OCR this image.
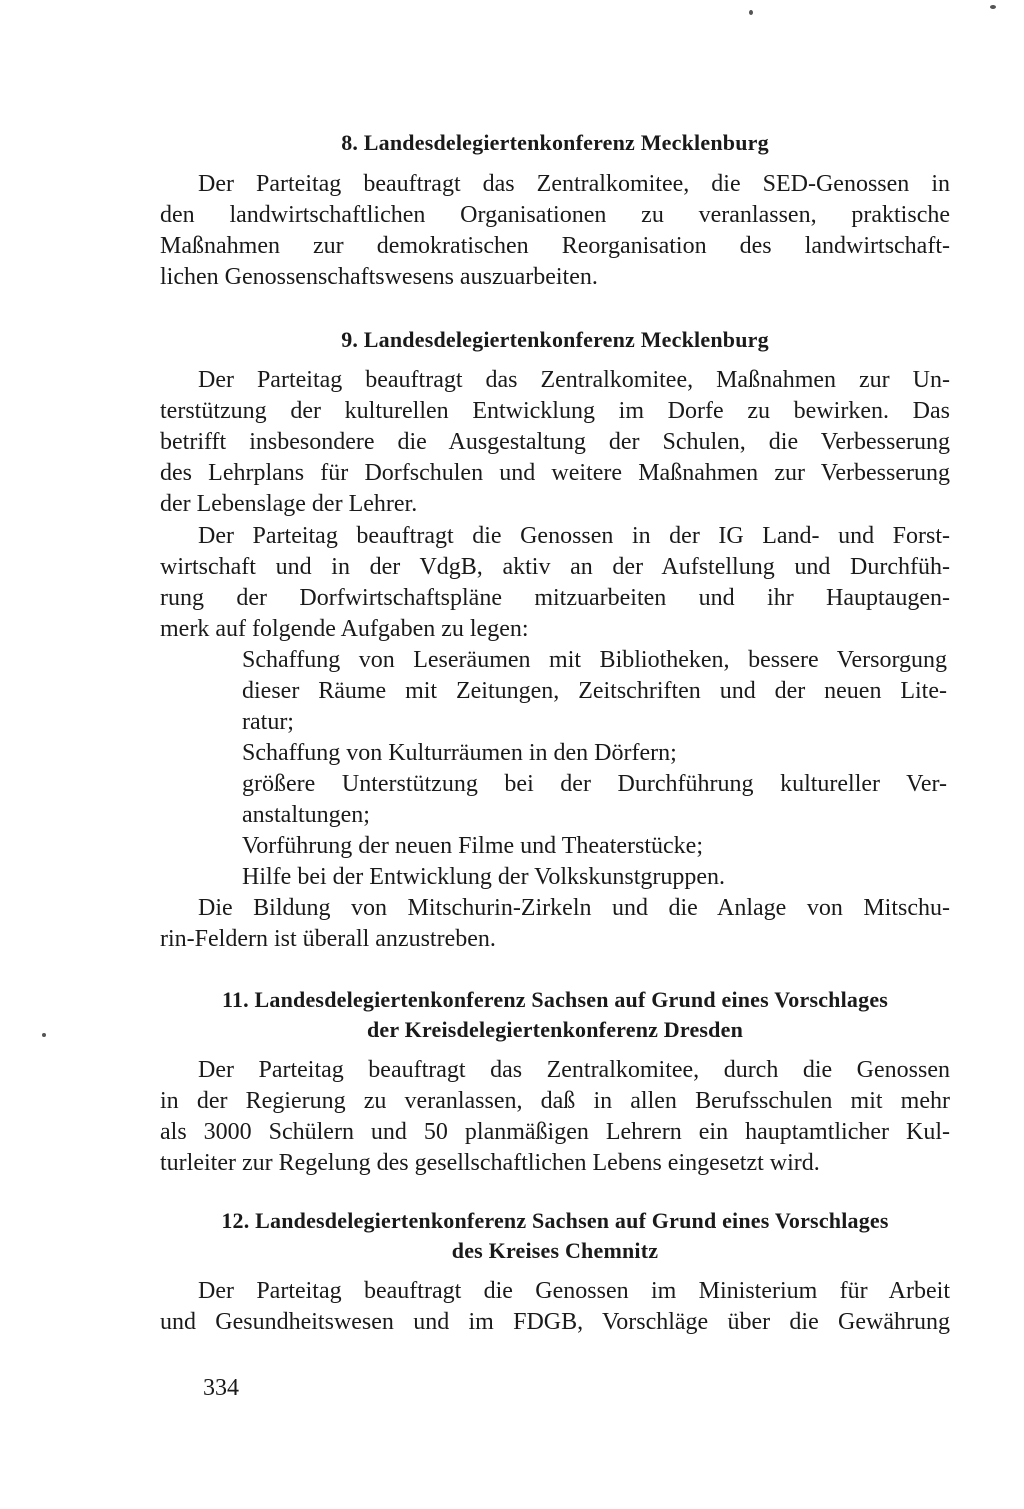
8. Landesdelegiertenkonferenz Mecklenburg
Der Parteitag beauftragt das Zentralkomitee, die SED-Genossen in
den landwirtschaftlichen Organisationen zu veranlassen, praktische
Maßnahmen zur demokratischen Reorganisation des landwirtschaft-
lichen Genossenschaftswesens auszuarbeiten.
9. Landesdelegiertenkonferenz Mecklenburg
Der Parteitag beauftragt das Zentralkomitee, Maßnahmen zur Un-
terstützung der kulturellen Entwicklung im Dorfe zu bewirken. Das
betrifft insbesondere die Ausgestaltung der Schulen, die Verbesserung
des Lehrplans für Dorfschulen und weitere Maßnahmen zur Verbesserung
der Lebenslage der Lehrer.
Der Parteitag beauftragt die Genossen in der IG Land- und Forst-
wirtschaft und in der VdgB, aktiv an der Aufstellung und Durchfüh-
rung der Dorfwirtschaftspläne mitzuarbeiten und ihr Hauptaugen-
merk auf folgende Aufgaben zu legen:
Schaffung von Leseräumen mit Bibliotheken, bessere Versorgung
dieser Räume mit Zeitungen, Zeitschriften und der neuen Lite-
ratur;
Schaffung von Kulturräumen in den Dörfern;
größere Unterstützung bei der Durchführung kultureller Ver-
anstaltungen;
Vorführung der neuen Filme und Theaterstücke;
Hilfe bei der Entwicklung der Volkskunstgruppen.
Die Bildung von Mitschurin-Zirkeln und die Anlage von Mitschu-
rin-Feldern ist überall anzustreben.
11. Landesdelegiertenkonferenz Sachsen auf Grund eines Vorschlages
der Kreisdelegiertenkonferenz Dresden
Der Parteitag beauftragt das Zentralkomitee, durch die Genossen
in der Regierung zu veranlassen, daß in allen Berufsschulen mit mehr
als 3000 Schülern und 50 planmäßigen Lehrern ein hauptamtlicher Kul-
turleiter zur Regelung des gesellschaftlichen Lebens eingesetzt wird.
12. Landesdelegiertenkonferenz Sachsen auf Grund eines Vorschlages
des Kreises Chemnitz
Der Parteitag beauftragt die Genossen im Ministerium für Arbeit
und Gesundheitswesen und im FDGB, Vorschläge über die Gewährung
334
